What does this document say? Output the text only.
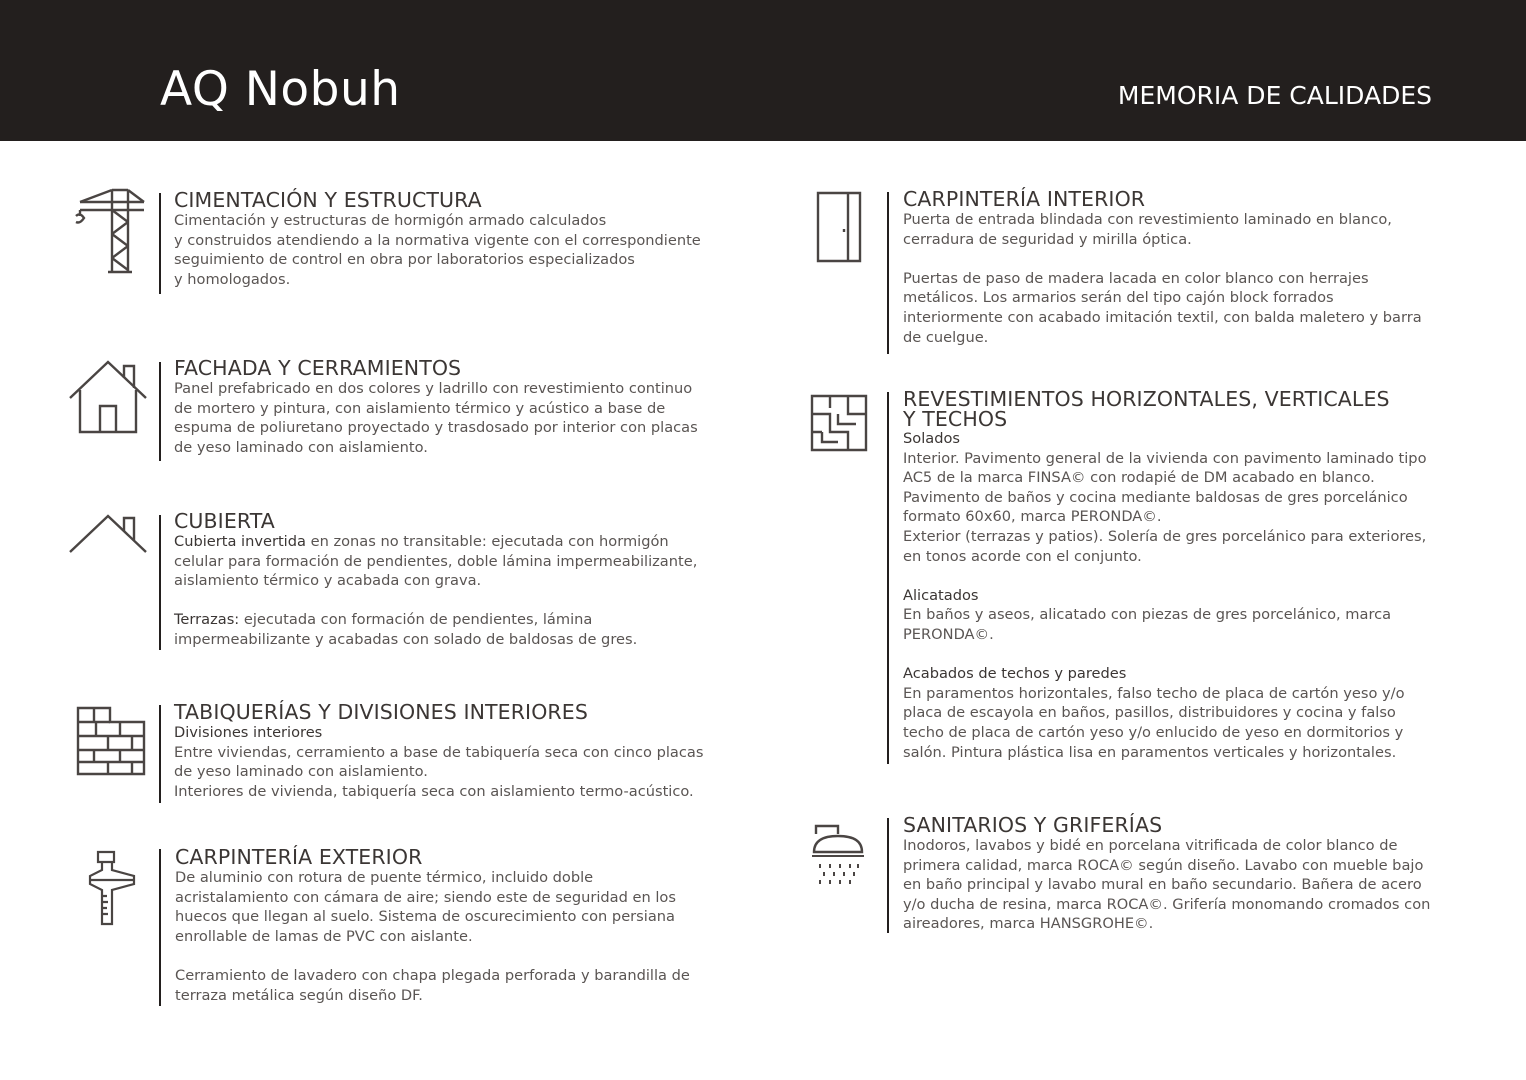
AQ Nobuh	MEMORIA DE CALIDADES
CIMENTACIÓN Y ESTRUCTURA

Cimentación y estructuras de hormigón armado calculados
y construidos atendiendo a la normativa vigente con el correspondiente
seguimiento de control en obra por laboratorios especializados
y homologados.

FACHADA Y CERRAMIENTOS

Panel prefabricado en dos colores y ladrillo con revestimiento continuo
de mortero y pintura, con aislamiento térmico y acústico a base de
espuma de poliuretano proyectado y trasdosado por interior con placas
de yeso laminado con aislamiento.

CUBIERTA

Cubierta invertida en zonas no transitable: ejecutada con hormigón
celular para formación de pendientes, doble lámina impermeabilizante,
aislamiento térmico y acabada con grava.

Terrazas: ejecutada con formación de pendientes, lámina
impermeabilizante y acabadas con solado de baldosas de gres.

TABIQUERÍAS Y DIVISIONES INTERIORES

Divisiones interiores

Entre viviendas, cerramiento a base de tabiquería seca con cinco placas
de yeso laminado con aislamiento.
Interiores de vivienda, tabiquería seca con aislamiento termo-acústico.

CARPINTERÍA EXTERIOR

De aluminio con rotura de puente térmico, incluido doble
acristalamiento con cámara de aire; siendo este de seguridad en los
huecos que llegan al suelo. Sistema de oscurecimiento con persiana
enrollable de lamas de PVC con aislante.

Cerramiento de lavadero con chapa plegada perforada y barandilla de
terraza metálica según diseño DF.

CARPINTERÍA INTERIOR

Puerta de entrada blindada con revestimiento laminado en blanco,
cerradura de seguridad y mirilla óptica.

Puertas de paso de madera lacada en color blanco con herrajes
metálicos. Los armarios serán del tipo cajón block forrados
interiormente con acabado imitación textil, con balda maletero y barra
de cuelgue.

REVESTIMIENTOS HORIZONTALES, VERTICALES
Y TECHOS

Solados

Interior. Pavimento general de la vivienda con pavimento laminado tipo
AC5 de la marca FINSA© con rodapié de DM acabado en blanco.
Pavimento de baños y cocina mediante baldosas de gres porcelánico
formato 60x60, marca PERONDA©.
Exterior (terrazas y patios). Solería de gres porcelánico para exteriores,
en tonos acorde con el conjunto.

Alicatados

En baños y aseos, alicatado con piezas de gres porcelánico, marca
PERONDA©.

Acabados de techos y paredes

En paramentos horizontales, falso techo de placa de cartón yeso y/o
placa de escayola en baños, pasillos, distribuidores y cocina y falso
techo de placa de cartón yeso y/o enlucido de yeso en dormitorios y
salón. Pintura plástica lisa en paramentos verticales y horizontales.

SANITARIOS Y GRIFERÍAS

Inodoros, lavabos y bidé en porcelana vitrificada de color blanco de
primera calidad, marca ROCA© según diseño. Lavabo con mueble bajo
en baño principal y lavabo mural en baño secundario. Bañera de acero
y/o ducha de resina, marca ROCA©. Grifería monomando cromados con
aireadores, marca HANSGROHE©.
